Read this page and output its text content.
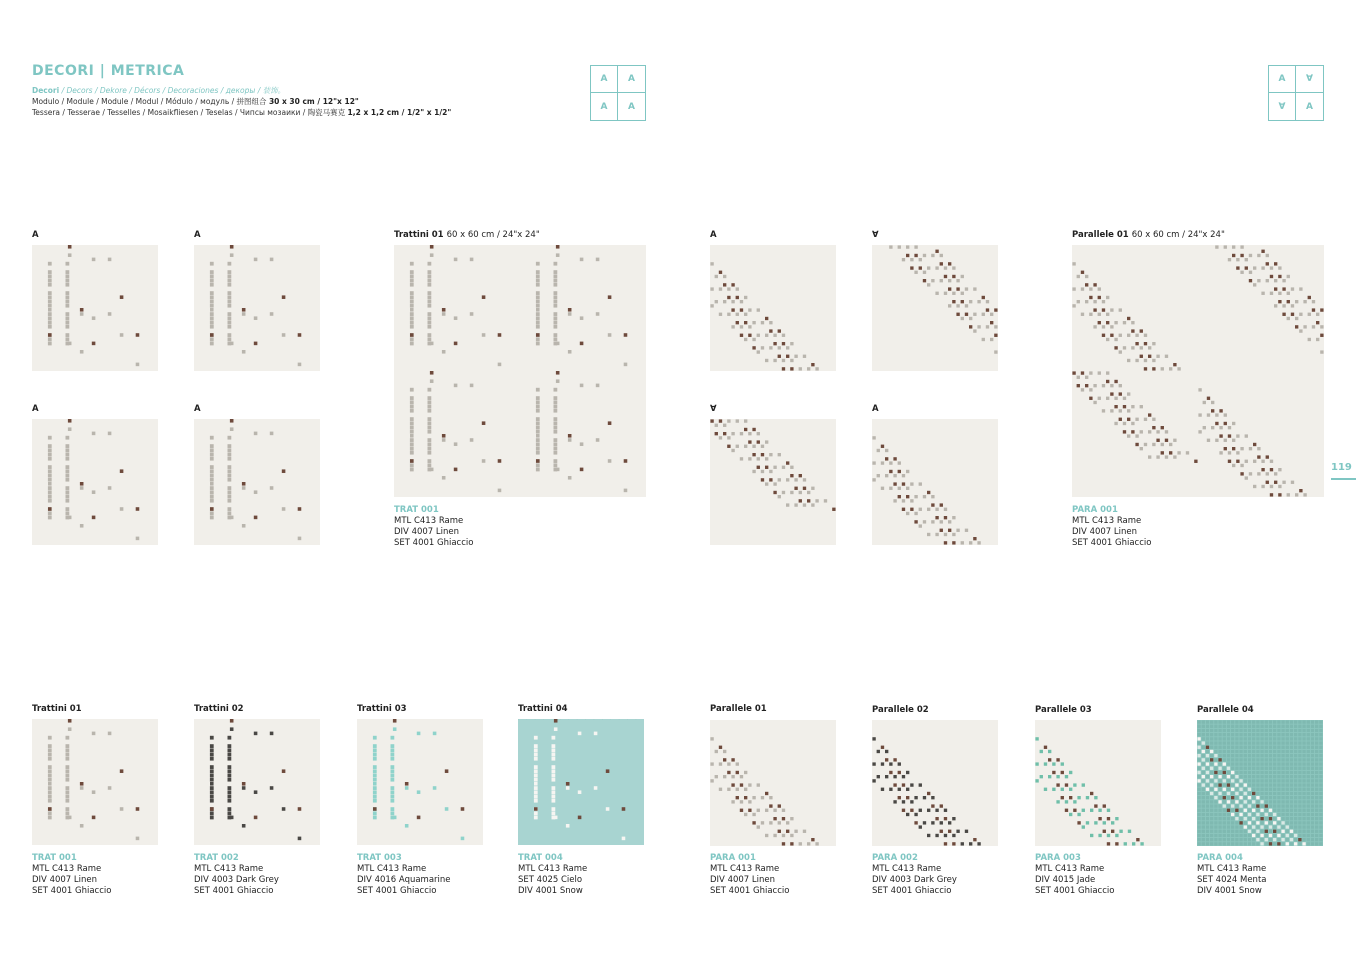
DECORI | METRICA
Decori / Decors / Dekore / Décors / Decoraciones / декоры / 装饰。
Modulo / Module / Module / Modul / Módulo / модуль / 拼图组合 30 x 30 cm / 12"x 12"
Tessera / Tesserae / Tesselles / Mosaikfliesen / Teselas / Чипсы мозаики / 陶瓷马赛克 1,2 x 1,2 cm / 1/2" x 1/2"
A	A
A	A
A	∀
∀	A
A	A
A	A
Trattini 01 60 x 60 cm / 24"x 24"
TRAT 001
MTL C413 Rame
DIV 4007 Linen
SET 4001 Ghiaccio
A	∀
∀	A
Parallele 01 60 x 60 cm / 24"x 24"
PARA 001
MTL C413 Rame
DIV 4007 Linen
SET 4001 Ghiaccio
119
Trattini 01
TRAT 001
MTL C413 Rame
DIV 4007 Linen
SET 4001 Ghiaccio
Trattini 02
TRAT 002
MTL C413 Rame
DIV 4003 Dark Grey
SET 4001 Ghiaccio
Trattini 03
TRAT 003
MTL C413 Rame
DIV 4016 Aquamarine
SET 4001 Ghiaccio
Trattini 04
TRAT 004
MTL C413 Rame
SET 4025 Cielo
DIV 4001 Snow
Parallele 01
PARA 001
MTL C413 Rame
DIV 4007 Linen
SET 4001 Ghiaccio
Parallele 02
PARA 002
MTL C413 Rame
DIV 4003 Dark Grey
SET 4001 Ghiaccio
Parallele 03
PARA 003
MTL C413 Rame
DIV 4015 Jade
SET 4001 Ghiaccio
Parallele 04
PARA 004
MTL C413 Rame
SET 4024 Menta
DIV 4001 Snow
